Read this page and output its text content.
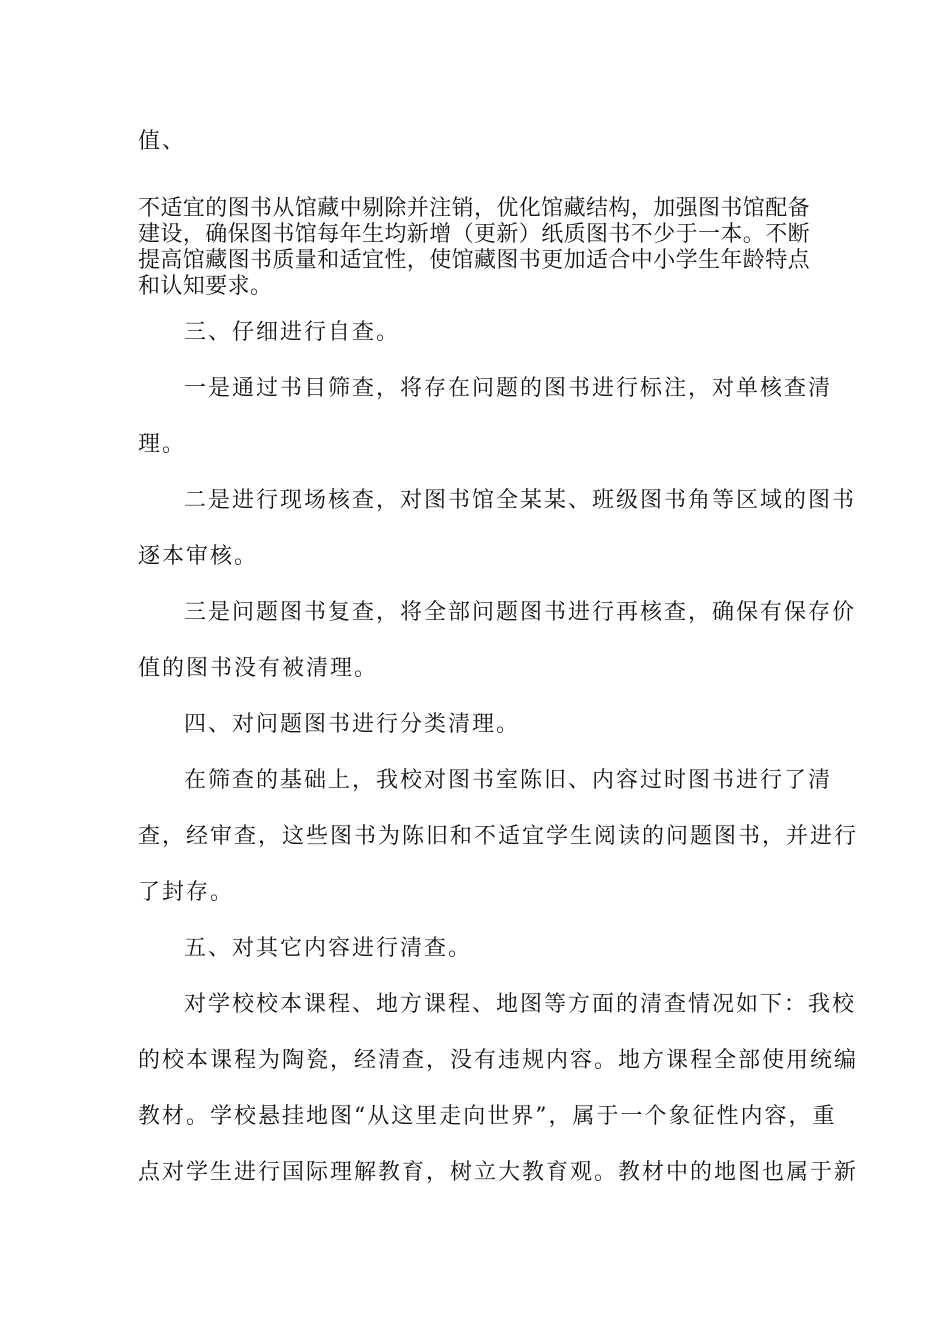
值、
不适宜的图书从馆藏中剔除并注销，优化馆藏结构，加强图书馆配备
建设，确保图书馆每年生均新增（更新）纸质图书不少于一本。不断
提高馆藏图书质量和适宜性，使馆藏图书更加适合中小学生年龄特点
和认知要求。
三、仔细进行自查。
一是通过书目筛查，将存在问题的图书进行标注，对单核查清
理。
二是进行现场核查，对图书馆全某某、班级图书角等区域的图书
逐本审核。
三是问题图书复查，将全部问题图书进行再核查，确保有保存价
值的图书没有被清理。
四、对问题图书进行分类清理。
在筛查的基础上，我校对图书室陈旧、内容过时图书进行了清
查，经审查，这些图书为陈旧和不适宜学生阅读的问题图书，并进行
了封存。
五、对其它内容进行清查。
对学校校本课程、地方课程、地图等方面的清查情况如下：我校
的校本课程为陶瓷，经清查，没有违规内容。地方课程全部使用统编
教材。学校悬挂地图“从这里走向世界”，属于一个象征性内容，重
点对学生进行国际理解教育，树立大教育观。教材中的地图也属于新
